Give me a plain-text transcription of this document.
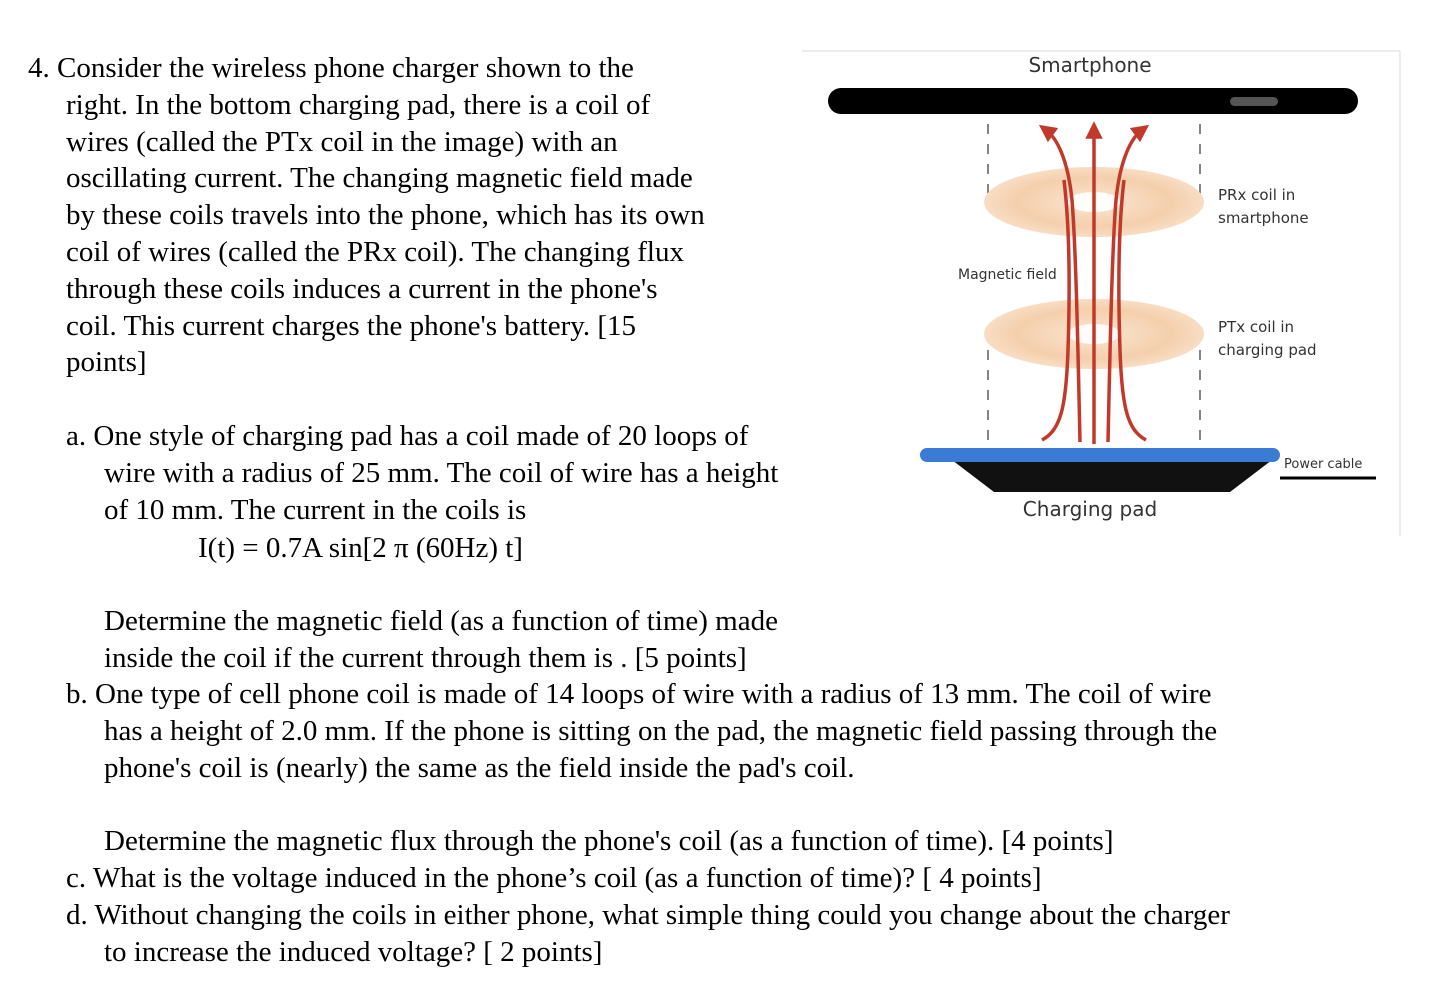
4. Consider the wireless phone charger shown to the
right. In the bottom charging pad, there is a coil of
wires (called the PTx coil in the image) with an
oscillating current. The changing magnetic field made
by these coils travels into the phone, which has its own
coil of wires (called the PRx coil). The changing flux
through these coils induces a current in the phone's
coil. This current charges the phone's battery. [15
points]
a. One style of charging pad has a coil made of 20 loops of
wire with a radius of 25 mm. The coil of wire has a height
of 10 mm. The current in the coils is
I(t) = 0.7A sin[2 π (60Hz) t]
Determine the magnetic field (as a function of time) made
inside the coil if the current through them is . [5 points]
b. One type of cell phone coil is made of 14 loops of wire with a radius of 13 mm. The coil of wire
has a height of 2.0 mm. If the phone is sitting on the pad, the magnetic field passing through the
phone's coil is (nearly) the same as the field inside the pad's coil.
Determine the magnetic flux through the phone's coil (as a function of time). [4 points]
c. What is the voltage induced in the phone’s coil (as a function of time)? [ 4 points]
d. Without changing the coils in either phone, what simple thing could you change about the charger
to increase the induced voltage? [ 2 points]
Smartphone
PRx coil in
smartphone
Magnetic field
PTx coil in
charging pad
Power cable
Charging pad
